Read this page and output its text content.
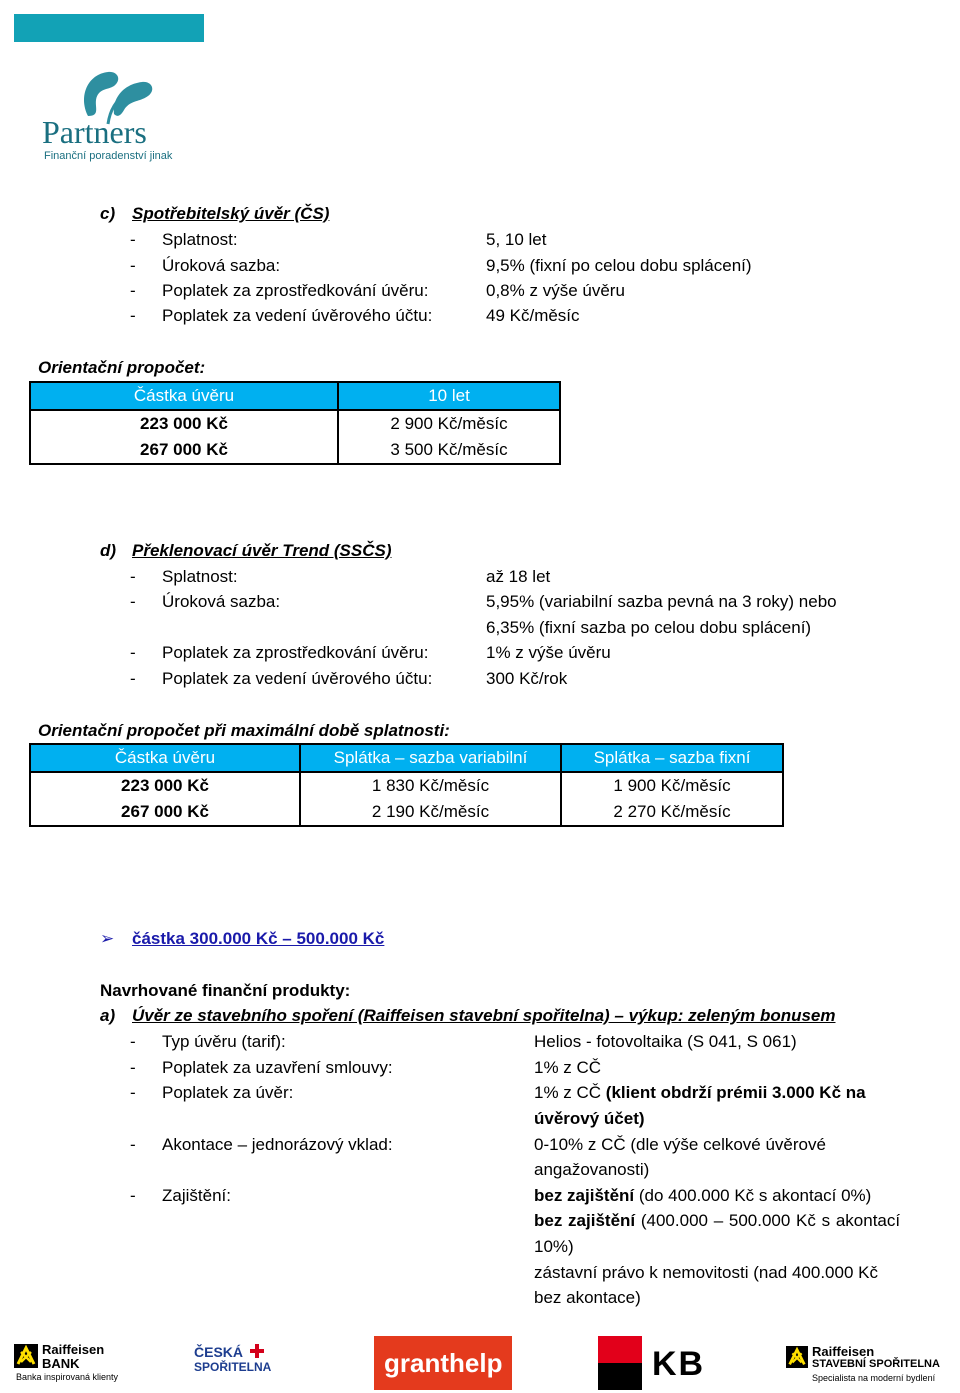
Partners
Finanční poradenství jinak
c) Spotřebitelský úvěr (ČS)
- Splatnost:	5, 10 let
- Úroková sazba:	9,5% (fixní po celou dobu splácení)
- Poplatek za zprostředkování úvěru:	0,8% z výše úvěru
- Poplatek za vedení úvěrového účtu:	49 Kč/měsíc
Orientační propočet:
Částka úvěru	10 let
223 000 Kč	2 900 Kč/měsíc
267 000 Kč	3 500 Kč/měsíc
d) Překlenovací úvěr Trend (SSČS)
- Splatnost:	až 18 let
- Úroková sazba:	5,95% (variabilní sazba pevná na 3 roky) nebo
6,35% (fixní sazba po celou dobu splácení)
- Poplatek za zprostředkování úvěru:	1% z výše úvěru
- Poplatek za vedení úvěrového účtu:	300 Kč/rok
Orientační propočet při maximální době splatnosti:
Částka úvěru	Splátka – sazba variabilní	Splátka – sazba fixní
223 000 Kč	1 830 Kč/měsíc	1 900 Kč/měsíc
267 000 Kč	2 190 Kč/měsíc	2 270 Kč/měsíc
➢ částka 300.000 Kč – 500.000 Kč
Navrhované finanční produkty:
a) Úvěr ze stavebního spoření (Raiffeisen stavební spořitelna) – výkup: zeleným bonusem
- Typ úvěru (tarif):	Helios - fotovoltaika (S 041, S 061)
- Poplatek za uzavření smlouvy:	1% z CČ
- Poplatek za úvěr:	1% z CČ (klient obdrží prémii 3.000 Kč na
úvěrový účet)
- Akontace – jednorázový vklad:	0-10% z CČ (dle výše celkové úvěrové
angažovanosti)
- Zajištění:	bez zajištění (do 400.000 Kč s akontací 0%)
bez zajištění (400.000 – 500.000 Kč s akontací
10%)
zástavní právo k nemovitosti (nad 400.000 Kč
bez akontace)
Raiffeisen
BANK
Banka inspirovaná klienty
ČESKÁ
SPOŘITELNA	granthelp	KB	Raiffeisen
STAVEBNÍ SPOŘITELNA
Specialista na moderní bydlení
